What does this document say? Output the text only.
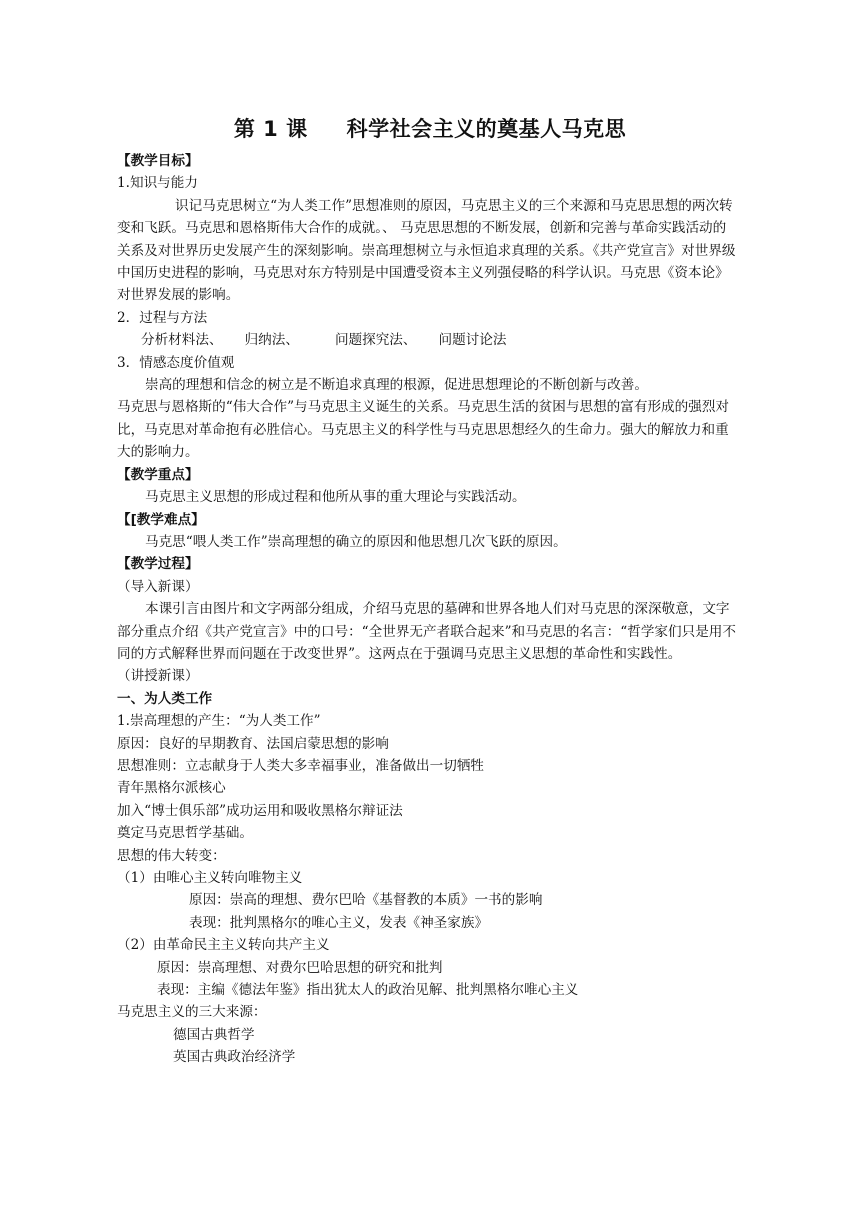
第 1 课     科学社会主义的奠基人马克思

【教学目标】

1.知识与能力

识记马克思树立“为人类工作”思想准则的原因，马克思主义的三个来源和马克思思想的两次转变和飞跃。马克思和恩格斯伟大合作的成就。、 马克思思想的不断发展，创新和完善与革命实践活动的关系及对世界历史发展产生的深刻影响。崇高理想树立与永恒追求真理的关系。《共产党宣言》对世界级中国历史进程的影响，马克思对东方特别是中国遭受资本主义列强侵略的科学认识。马克思《资本论》对世界发展的影响。

2．过程与方法

分析材料法、 归纳法、	问题探究法、 问题讨论法

3．情感态度价值观

崇高的理想和信念的树立是不断追求真理的根源，促进思想理论的不断创新与改善。

马克思与恩格斯的“伟大合作”与马克思主义诞生的关系。马克思生活的贫困与思想的富有形成的强烈对比，马克思对革命抱有必胜信心。马克思主义的科学性与马克思思想经久的生命力。强大的解放力和重大的影响力。

【教学重点】

马克思主义思想的形成过程和他所从事的重大理论与实践活动。

【[教学难点】

马克思“喂人类工作”崇高理想的确立的原因和他思想几次飞跃的原因。

【教学过程】

（导入新课）

本课引言由图片和文字两部分组成，介绍马克思的墓碑和世界各地人们对马克思的深深敬意，文字部分重点介绍《共产党宣言》中的口号：“全世界无产者联合起来”和马克思的名言：“哲学家们只是用不同的方式解释世界而问题在于改变世界”。这两点在于强调马克思主义思想的革命性和实践性。

（讲授新课）

一、为人类工作

1.崇高理想的产生：“为人类工作”

原因：良好的早期教育、法国启蒙思想的影响

思想准则：立志献身于人类大多幸福事业，准备做出一切牺牲

青年黑格尔派核心

加入“博士俱乐部”成功运用和吸收黑格尔辩证法

奠定马克思哲学基础。

思想的伟大转变：

（1）由唯心主义转向唯物主义

原因：崇高的理想、费尔巴哈《基督教的本质》一书的影响

表现：批判黑格尔的唯心主义，发表《神圣家族》

（2）由革命民主主义转向共产主义

原因：崇高理想、对费尔巴哈思想的研究和批判

表现：主编《德法年鉴》指出犹太人的政治见解、批判黑格尔唯心主义

马克思主义的三大来源：

德国古典哲学

英国古典政治经济学
